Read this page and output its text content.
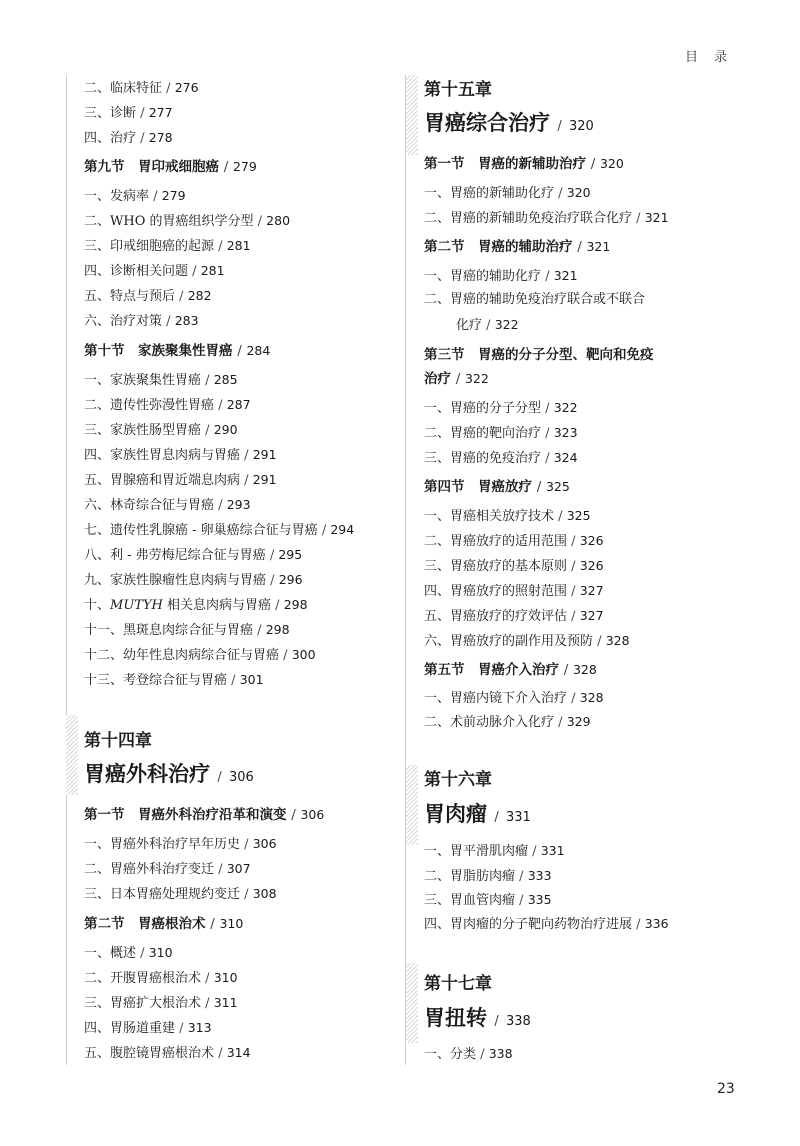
目 录
二、临床特征 / 276
三、诊断 / 277
四、治疗 / 278
第九节　胃印戒细胞癌 / 279
一、发病率 / 279
二、WHO 的胃癌组织学分型 / 280
三、印戒细胞癌的起源 / 281
四、诊断相关问题 / 281
五、特点与预后 / 282
六、治疗对策 / 283
第十节　家族聚集性胃癌 / 284
一、家族聚集性胃癌 / 285
二、遗传性弥漫性胃癌 / 287
三、家族性肠型胃癌 / 290
四、家族性胃息肉病与胃癌 / 291
五、胃腺癌和胃近端息肉病 / 291
六、林奇综合征与胃癌 / 293
七、遗传性乳腺癌 - 卵巢癌综合征与胃癌 / 294
八、利 - 弗劳梅尼综合征与胃癌 / 295
九、家族性腺瘤性息肉病与胃癌 / 296
十、MUTYH 相关息肉病与胃癌 / 298
十一、黑斑息肉综合征与胃癌 / 298
十二、幼年性息肉病综合征与胃癌 / 300
十三、考登综合征与胃癌 / 301
第十四章
胃癌外科治疗 / 306
第一节　胃癌外科治疗沿革和演变 / 306
一、胃癌外科治疗早年历史 / 306
二、胃癌外科治疗变迁 / 307
三、日本胃癌处理规约变迁 / 308
第二节　胃癌根治术 / 310
一、概述 / 310
二、开腹胃癌根治术 / 310
三、胃癌扩大根治术 / 311
四、胃肠道重建 / 313
五、腹腔镜胃癌根治术 / 314
第十五章
胃癌综合治疗 / 320
第一节　胃癌的新辅助治疗 / 320
一、胃癌的新辅助化疗 / 320
二、胃癌的新辅助免疫治疗联合化疗 / 321
第二节　胃癌的辅助治疗 / 321
一、胃癌的辅助化疗 / 321
二、胃癌的辅助免疫治疗联合或不联合
化疗 / 322
第三节　胃癌的分子分型、靶向和免疫
治疗 / 322
一、胃癌的分子分型 / 322
二、胃癌的靶向治疗 / 323
三、胃癌的免疫治疗 / 324
第四节　胃癌放疗 / 325
一、胃癌相关放疗技术 / 325
二、胃癌放疗的适用范围 / 326
三、胃癌放疗的基本原则 / 326
四、胃癌放疗的照射范围 / 327
五、胃癌放疗的疗效评估 / 327
六、胃癌放疗的副作用及预防 / 328
第五节　胃癌介入治疗 / 328
一、胃癌内镜下介入治疗 / 328
二、术前动脉介入化疗 / 329
第十六章
胃肉瘤 / 331
一、胃平滑肌肉瘤 / 331
二、胃脂肪肉瘤 / 333
三、胃血管肉瘤 / 335
四、胃肉瘤的分子靶向药物治疗进展 / 336
第十七章
胃扭转 / 338
一、分类 / 338
23
